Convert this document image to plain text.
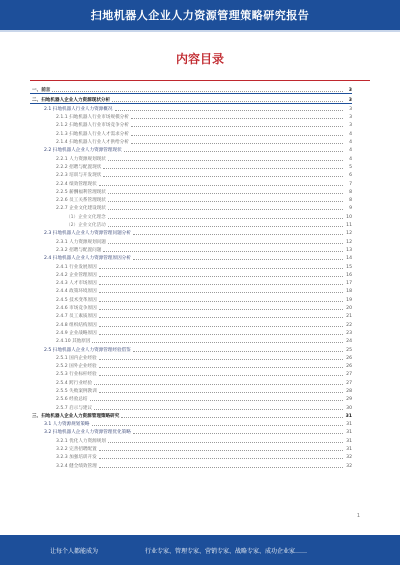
扫地机器人企业人力资源管理策略研究报告
内容目录
一、前言	3
二、扫地机器人企业人力资源现状分析	3
2.1 扫地机器人行业人力资源概况	3
2.1.1 扫地机器人行业市场规模分析	3
2.1.2 扫地机器人行业市场竞争分析	3
2.1.3 扫地机器人行业人才需求分析	4
2.1.4 扫地机器人行业人才供给分析	4
2.2 扫地机器人企业人力资源管理现状	4
2.2.1 人力资源规划现状	4
2.2.2 招聘与配置现状	5
2.2.3 培训与开发现状	6
2.2.4 绩效管理现状	7
2.2.5 薪酬福利管理现状	8
2.2.6 员工关系管理现状	8
2.2.7 企业文化建设现状	9
（1）企业文化理念	10
（2）企业文化活动	11
2.3 扫地机器人企业人力资源管理问题分析	12
2.3.1 人力资源规划问题	12
2.3.2 招聘与配置问题	13
2.4 扫地机器人企业人力资源管理原因分析	14
2.4.1 行业发展原因	15
2.4.2 企业管理原因	16
2.4.3 人才市场原因	17
2.4.4 政策环境原因	18
2.4.5 技术变革原因	19
2.4.6 市场竞争原因	20
2.4.7 员工素质原因	21
2.4.8 组织结构原因	22
2.4.9 企业战略原因	23
2.4.10 其他原因	24
2.5 扫地机器人企业人力资源管理经验借鉴	25
2.5.1 国内企业经验	26
2.5.2 国外企业经验	26
2.5.3 行业标杆经验	27
2.5.4 跨行业经验	27
2.5.5 失败案例教训	28
2.5.6 经验总结	29
2.5.7 启示与建议	30
三、扫地机器人企业人力资源管理策略研究	31
3.1 人力资源规划策略	31
3.2 扫地机器人企业人力资源管理优化策略	31
3.2.1 优化人力资源规划	31
3.2.2 完善招聘配置	31
3.2.3 加强培训开发	32
3.2.4 健全绩效管理	32
1
让每个人都能成为	行业专家、管理专家、营销专家、战略专家、成功企业家……
